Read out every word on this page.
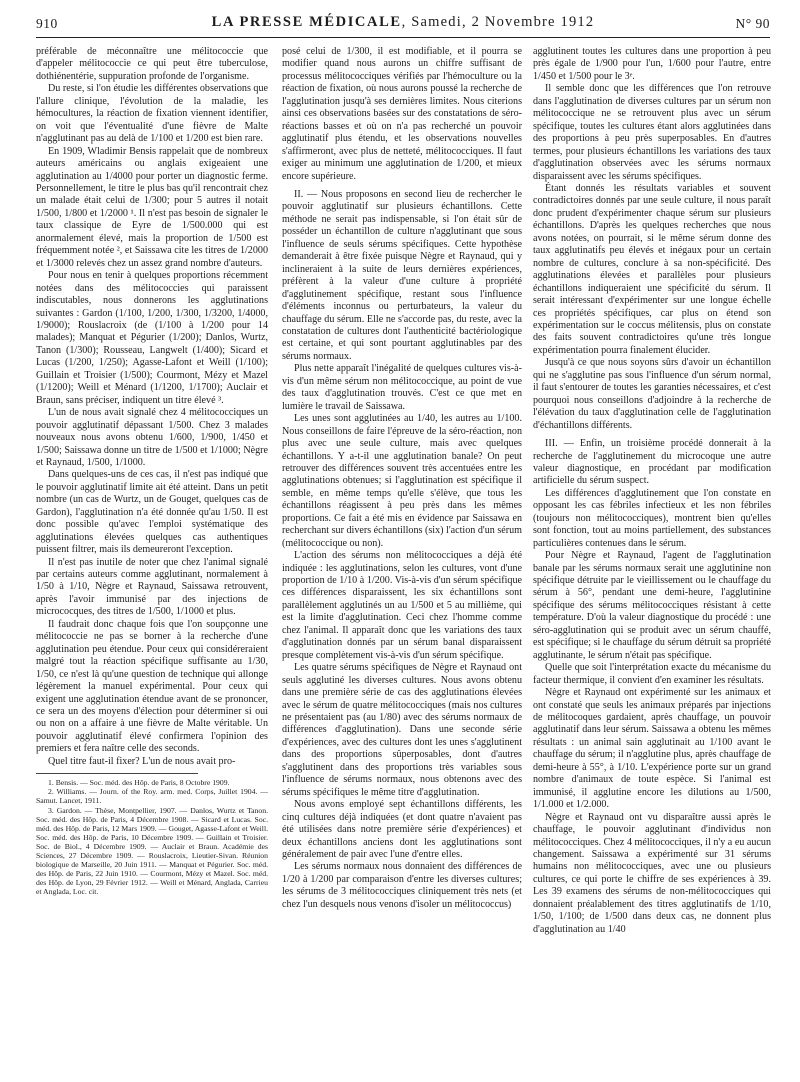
910	LA PRESSE MÉDICALE, Samedi, 2 Novembre 1912	N° 90

préférable de méconnaître une mélitococcie que d'appeler mélitococcie ce qui peut être tuberculose, dothiénentérie, suppuration profonde de l'organisme.

Du reste, si l'on étudie les différentes observations que l'allure clinique, l'évolution de la maladie, les hémocultures, la réaction de fixation viennent identifier, on voit que l'éventualité d'une fièvre de Malte n'agglutinant pas au delà de 1/100 et 1/200 est bien rare.

En 1909, Wladimir Bensis rappelait que de nombreux auteurs américains ou anglais exigeaient une agglutination au 1/4000 pour porter un diagnostic ferme. Personnellement, le titre le plus bas qu'il rencontrait chez un malade était celui de 1/300; pour 5 autres il notait 1/500, 1/800 et 1/2000 ¹. Il n'est pas besoin de signaler le taux classique de Eyre de 1/500.000 qui est anormalement élevé, mais la proportion de 1/500 est fréquemment notée ², et Saissawa cite les titres de 1/2000 et 1/3000 relevés chez un assez grand nombre d'auteurs.

Pour nous en tenir à quelques proportions récemment notées dans des mélitococcies qui paraissent indiscutables, nous donnerons les agglutinations suivantes : Gardon (1/100, 1/200, 1/300, 1/3200, 1/4000, 1/9000); Rouslacroix (de (1/100 à 1/200 pour 14 malades); Manquat et Pégurier (1/200); Danlos, Wurtz, Tanon (1/300); Rousseau, Langwelt (1/400); Sicard et Lucas (1/200, 1/250); Agasse-Lafont et Weill (1/100); Guillain et Troisier (1/500); Courmont, Mézy et Mazel (1/1200); Weill et Ménard (1/1200, 1/1700); Auclair et Braun, sans préciser, indiquent un titre élevé ³.

L'un de nous avait signalé chez 4 mélitococciques un pouvoir agglutinatif dépassant 1/500. Chez 3 malades nouveaux nous avons obtenu 1/600, 1/900, 1/450 et 1/500; Saissawa donne un titre de 1/500 et 1/1000; Nègre et Raynaud, 1/500, 1/1000.

Dans quelques-uns de ces cas, il n'est pas indiqué que le pouvoir agglutinatif limite ait été atteint. Dans un petit nombre (un cas de Wurtz, un de Gouget, quelques cas de Gardon), l'agglutination n'a été donnée qu'au 1/50. Il est donc possible qu'avec l'emploi systématique des agglutinations élevées quelques cas authentiques puissent filtrer, mais ils demeureront l'exception.

Il n'est pas inutile de noter que chez l'animal signalé par certains auteurs comme agglutinant, normalement à 1/50 à 1/10, Nègre et Raynaud, Saissawa retrouvent, après l'avoir immunisé par des injections de micrococques, des titres de 1/500, 1/1000 et plus.

Il faudrait donc chaque fois que l'on soupçonne une mélitococcie ne pas se borner à la recherche d'une agglutination peu étendue. Pour ceux qui considéreraient malgré tout la réaction spécifique suffisante au 1/30, 1/50, ce n'est là qu'une question de technique qui allonge légèrement la manuel expérimental. Pour ceux qui exigent une agglutination étendue avant de se prononcer, ce sera un des moyens d'élection pour déterminer si oui ou non on a affaire à une fièvre de Malte véritable. Un pouvoir agglutinatif élevé confirmera l'opinion des premiers et fera naître celle des seconds.

Quel titre faut-il fixer? L'un de nous avait pro-

1. Bensis. — Soc. méd. des Hôp. de Paris, 8 Octobre 1909.

2. Williams. — Journ. of the Roy. arm. med. Corps, Juillet 1904. — Samut. Lancet, 1911.

3. Gardon. — Thèse, Montpellier, 1907. — Danlos, Wurtz et Tanon. Soc. méd. des Hôp. de Paris, 4 Décembre 1908. — Sicard et Lucas. Soc. méd. des Hôp. de Paris, 12 Mars 1909. — Gouget, Agasse-Lafont et Weill. Soc. méd. des Hôp. de Paris, 10 Décembre 1909. — Guillain et Troisier. Soc. de Biol., 4 Décembre 1909. — Auclair et Braun. Académie des Sciences, 27 Décembre 1909. — Rouslacroix, Lieutier-Sivan. Réunion biologique de Marseille, 20 Juin 1911. — Manquat et Pégurier. Soc. méd. des Hôp. de Paris, 22 Juin 1910. — Courmont, Mézy et Mazel. Soc. méd. des Hôp. de Lyon, 29 Février 1912. — Weill et Ménard, Anglada, Carrieu et Anglada, Loc. cit.

posé celui de 1/300, il est modifiable, et il pourra se modifier quand nous aurons un chiffre suffisant de processus mélitococciques vérifiés par l'hémoculture ou la réaction de fixation, où nous aurons poussé la recherche de l'agglutination jusqu'à ses dernières limites. Nous citerions ainsi ces observations basées sur des constatations de séro-réactions basses et où on n'a pas recherché un pouvoir agglutinatif plus étendu, et les observations nouvelles s'affirmeront, avec plus de netteté, mélitococciques. Il faut exiger au minimum une agglutination de 1/200, et mieux encore supérieure.

II. — Nous proposons en second lieu de rechercher le pouvoir agglutinatif sur plusieurs échantillons. Cette méthode ne serait pas indispensable, si l'on était sûr de posséder un échantillon de culture n'agglutinant que sous l'influence de seuls sérums spécifiques. Cette hypothèse demanderait à être fixée puisque Nègre et Raynaud, qui y inclineraient à la suite de leurs dernières expériences, préfèrent à la valeur d'une culture à propriété d'agglutinement spécifique, restant sous l'influence d'éléments inconnus ou perturbateurs, la valeur du chauffage du sérum. Elle ne s'accorde pas, du reste, avec la constatation de cultures dont l'authenticité bactériologique est certaine, et qui sont pourtant agglutinables par des sérums normaux.

Plus nette apparaît l'inégalité de quelques cultures vis-à-vis d'un même sérum non mélitococcique, au point de vue des taux d'agglutination trouvés. C'est ce que met en lumière le travail de Saissawa.

Les unes sont agglutinées au 1/40, les autres au 1/100. Nous conseillons de faire l'épreuve de la séro-réaction, non plus avec une seule culture, mais avec quelques échantillons. Y a-t-il une agglutination banale? On peut retrouver des différences souvent très accentuées entre les agglutinations obtenues; si l'agglutination est spécifique il semble, en même temps qu'elle s'élève, que tous les échantillons réagissent à peu près dans les mêmes proportions. Ce fait a été mis en évidence par Saissawa en recherchant sur divers échantillons (six) l'action d'un sérum (mélitococcique ou non).

L'action des sérums non mélitococciques a déjà été indiquée : les agglutinations, selon les cultures, vont d'une proportion de 1/10 à 1/200. Vis-à-vis d'un sérum spécifique ces différences disparaissent, les six échantillons sont parallèlement agglutinés un au 1/500 et 5 au millième, qui est la limite d'agglutination. Ceci chez l'homme comme chez l'animal. Il apparaît donc que les variations des taux d'agglutination donnés par un sérum banal disparaissent presque complètement vis-à-vis d'un sérum spécifique.

Les quatre sérums spécifiques de Nègre et Raynaud ont seuls agglutiné les diverses cultures. Nous avons obtenu dans une première série de cas des agglutinations élevées avec le sérum de quatre mélitococciques (mais nos cultures ne présentaient pas (au 1/80) avec des sérums normaux de différences d'agglutination). Dans une seconde série d'expériences, avec des cultures dont les unes s'agglutinent dans des proportions sûperposables, dont d'autres s'agglutinent dans des proportions très variables sous l'influence de sérums normaux, nous obtenons avec des sérums spécifiques le même titre d'agglutination.

Nous avons employé sept échantillons différents, les cinq cultures déjà indiquées (et dont quatre n'avaient pas été utilisées dans notre première série d'expériences) et deux échantillons anciens dont les agglutinations sont généralement de pair avec l'une d'entre elles.

Les sérums normaux nous donnaient des différences de 1/20 à 1/200 par comparaison d'entre les diverses cultures; les sérums de 3 mélitococciques cliniquement très nets (et chez l'un desquels nous venons d'isoler un mélitococcus)

agglutinent toutes les cultures dans une proportion à peu près égale de 1/900 pour l'un, 1/600 pour l'autre, entre 1/450 et 1/500 pour le 3ᵉ.

Il semble donc que les différences que l'on retrouve dans l'agglutination de diverses cultures par un sérum non mélitococcique ne se retrouvent plus avec un sérum spécifique, toutes les cultures étant alors agglutinées dans des proportions à peu près superposables. En d'autres termes, pour plusieurs échantillons les variations des taux d'agglutination observées avec les sérums normaux disparaissent avec les sérums spécifiques.

Étant donnés les résultats variables et souvent contradictoires donnés par une seule culture, il nous paraît donc prudent d'expérimenter chaque sérum sur plusieurs échantillons. D'après les quelques recherches que nous avons notées, on pourrait, si le même sérum donne des taux agglutinatifs peu élevés et inégaux pour un certain nombre de cultures, conclure à sa non-spécificité. Des agglutinations élevées et parallèles pour plusieurs échantillons indiqueraient une spécificité du sérum. Il serait intéressant d'expérimenter sur une longue échelle ces propriétés spécifiques, car plus on étend son expérimentation sur le coccus mélitensis, plus on constate des faits souvent contradictoires qu'une très longue expérimentation pourra finalement élucider.

Jusqu'à ce que nous soyons sûrs d'avoir un échantillon qui ne s'agglutine pas sous l'influence d'un sérum normal, il faut s'entourer de toutes les garanties nécessaires, et c'est pourquoi nous conseillons d'adjoindre à la recherche de l'élévation du taux d'agglutination celle de l'agglutination d'échantillons différents.

III. — Enfin, un troisième procédé donnerait à la recherche de l'agglutinement du microcoque une autre valeur diagnostique, en procédant par modification artificielle du sérum suspect.

Les différences d'agglutinement que l'on constate en opposant les cas fébriles infectieux et les non fébriles (toujours non mélitococciques), montrent bien qu'elles sont fonction, tout au moins partiellement, des substances particulières contenues dans le sérum.

Pour Nègre et Raynaud, l'agent de l'agglutination banale par les sérums normaux serait une agglutinine non spécifique détruite par le vieillissement ou le chauffage du sérum à 56°, pendant une demi-heure, l'agglutinine spécifique des sérums mélitococciques résistant à cette température. D'où la valeur diagnostique du procédé : une séro-agglutination qui se produit avec un sérum chauffé, est spécifique; si le chauffage du sérum détruit sa propriété agglutinante, le sérum n'était pas spécifique.

Quelle que soit l'interprétation exacte du mécanisme du facteur thermique, il convient d'en examiner les résultats.

Nègre et Raynaud ont expérimenté sur les animaux et ont constaté que seuls les animaux préparés par injections de mélitocoques gardaient, après chauffage, un pouvoir agglutinatif dans leur sérum. Saissawa a obtenu les mêmes résultats : un animal sain agglutinait au 1/100 avant le chauffage du sérum; il n'agglutine plus, après chauffage de demi-heure à 55°, à 1/10. L'expérience porte sur un grand nombre d'animaux de toute espèce. Si l'animal est immunisé, il agglutine encore les dilutions au 1/500, 1/1.000 et 1/2.000.

Nègre et Raynaud ont vu disparaître aussi après le chauffage, le pouvoir agglutinant d'individus non mélitococciques. Chez 4 mélitococciques, il n'y a eu aucun changement. Saissawa a expérimenté sur 31 sérums humains non mélitococciques, avec une ou plusieurs cultures, ce qui porte le chiffre de ses expériences à 39. Les 39 examens des sérums de non-mélitococciques qui donnaient préalablement des titres agglutinatifs de 1/10, 1/50, 1/100; de 1/500 dans deux cas, ne donnent plus d'agglutination au 1/40
